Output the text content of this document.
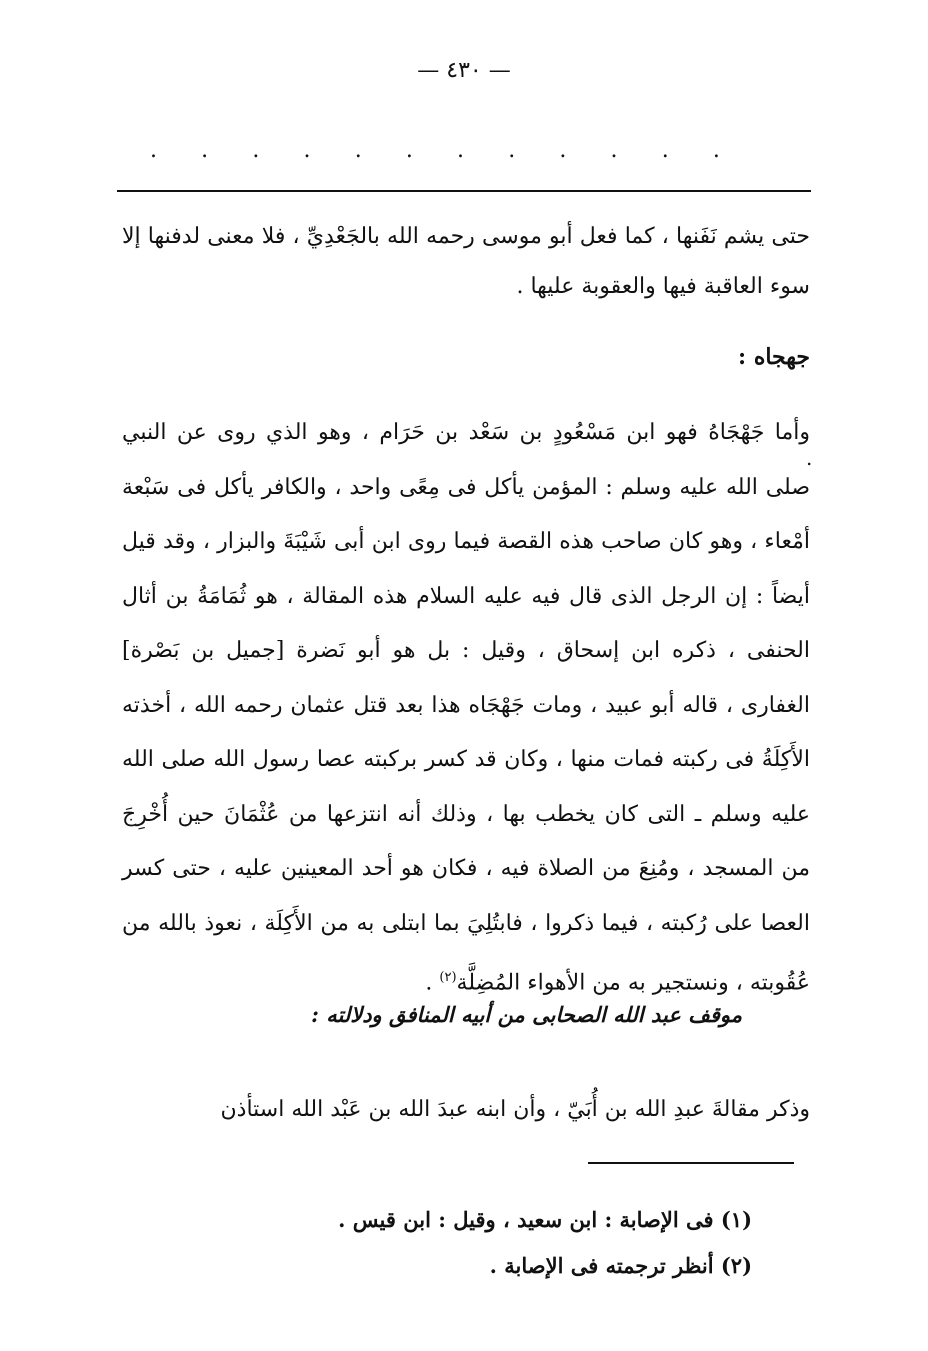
— ٤٣٠ —
. . . . . . . . . . . .

حتى يشم نَفَنها ، كما فعل أبو موسى رحمه الله بالجَعْدِيِّ ، فلا معنى لدفنها إلا سوء العاقبة فيها والعقوبة عليها .

جهجاه :

وأما جَهْجَاهُ فهو ابن مَسْعُودٍ بن سَعْد بن حَرَام ، وهو الذي روى عن النبي صلى الله عليه وسلم : المؤمن يأكل فى مِعًى واحد ، والكافر يأكل فى سَبْعة أمْعاء ، وهو كان صاحب هذه القصة فيما روى ابن أبى شَيْبَةَ والبزار ، وقد قيل أيضاً : إن الرجل الذى قال فيه عليه السلام هذه المقالة ، هو ثُمَامَةُ بن أثال الحنفى ، ذكره ابن إسحاق ، وقيل : بل هو أبو نَضرة [جميل بن بَصْرة] الغفارى ، قاله أبو عبيد ، ومات جَهْجَاه هذا بعد قتل عثمان رحمه الله ، أخذته الأَكِلَةُ فى ركبته فمات منها ، وكان قد كسر بركبته عصا رسول الله صلى الله عليه وسلم ـ التى كان يخطب بها ، وذلك أنه انتزعها من عُثْمَانَ حين أُخْرِجَ من المسجد ، ومُنِعَ من الصلاة فيه ، فكان هو أحد المعينين عليه ، حتى كسر العصا على رُكبته ، فيما ذكروا ، فابتُلِيَ بما ابتلى به من الأَكِلَة ، نعوذ بالله من عُقُوبته ، ونستجير به من الأهواء المُضِلَّة$^{(٢)}$ .

.
موقف عبد الله الصحابى من أبيه المنافق ودلالته :

وذكر مقالةَ عبدِ الله بن أُبَيّ ، وأن ابنه عبدَ الله بن عَبْد الله استأذن

(١) فى الإصابة : ابن سعيد ، وقيل : ابن قيس .
(٢) أنظر ترجمته فى الإصابة .
